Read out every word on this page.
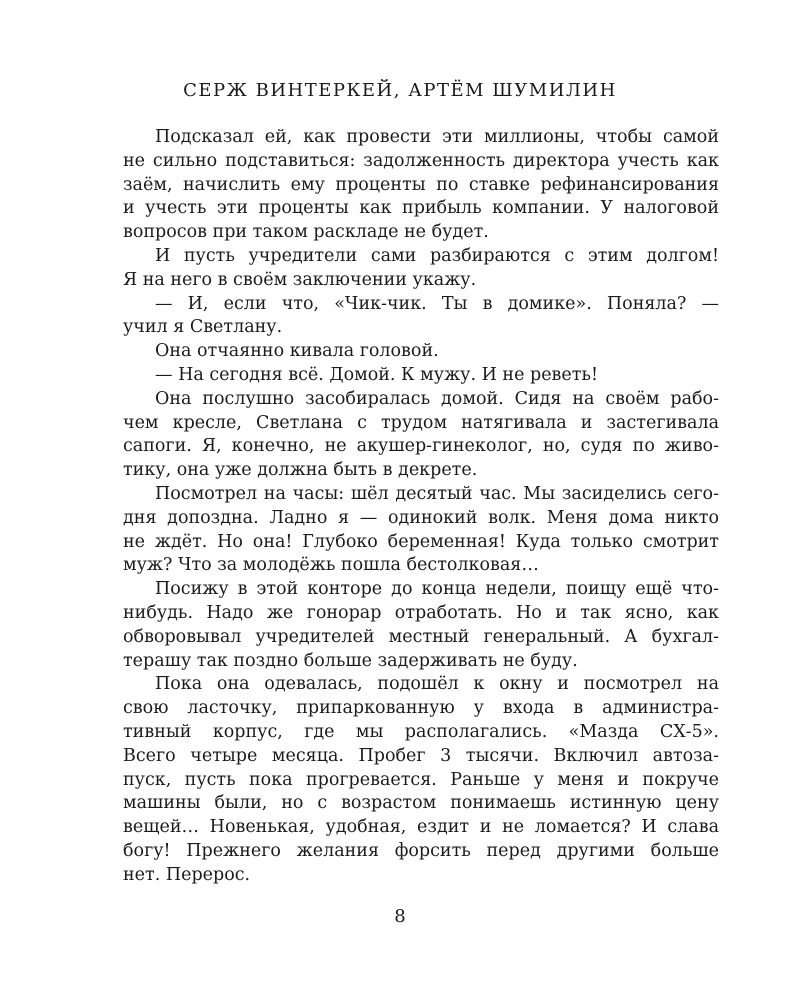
СЕРЖ ВИНТЕРКЕЙ, АРТЁМ ШУМИЛИН
Подсказал ей, как провести эти миллионы, чтобы самой
не сильно подставиться: задолженность директора учесть как
заём, начислить ему проценты по ставке рефинансирования
и учесть эти проценты как прибыль компании. У налоговой
вопросов при таком раскладе не будет.
И пусть учредители сами разбираются с этим долгом!
Я на него в своём заключении укажу.
— И, если что, «Чик-чик. Ты в домике». Поняла? —
учил я Светлану.
Она отчаянно кивала головой.
— На сегодня всё. Домой. К мужу. И не реветь!
Она послушно засобиралась домой. Сидя на своём рабо-
чем кресле, Светлана с трудом натягивала и застегивала
сапоги. Я, конечно, не акушер-гинеколог, но, судя по живо-
тику, она уже должна быть в декрете.
Посмотрел на часы: шёл десятый час. Мы засиделись сего-
дня допоздна. Ладно я — одинокий волк. Меня дома никто
не ждёт. Но она! Глубоко беременная! Куда только смотрит
муж? Что за молодёжь пошла бестолковая…
Посижу в этой конторе до конца недели, поищу ещё что-
нибудь. Надо же гонорар отработать. Но и так ясно, как
обворовывал учредителей местный генеральный. А бухгал-
терашу так поздно больше задерживать не буду.
Пока она одевалась, подошёл к окну и посмотрел на
свою ласточку, припаркованную у входа в администра-
тивный корпус, где мы располагались. «Мазда СХ-5».
Всего четыре месяца. Пробег 3 тысячи. Включил автоза-
пуск, пусть пока прогревается. Раньше у меня и покруче
машины были, но с возрастом понимаешь истинную цену
вещей… Новенькая, удобная, ездит и не ломается? И слава
богу! Прежнего желания форсить перед другими больше
нет. Перерос.
8
